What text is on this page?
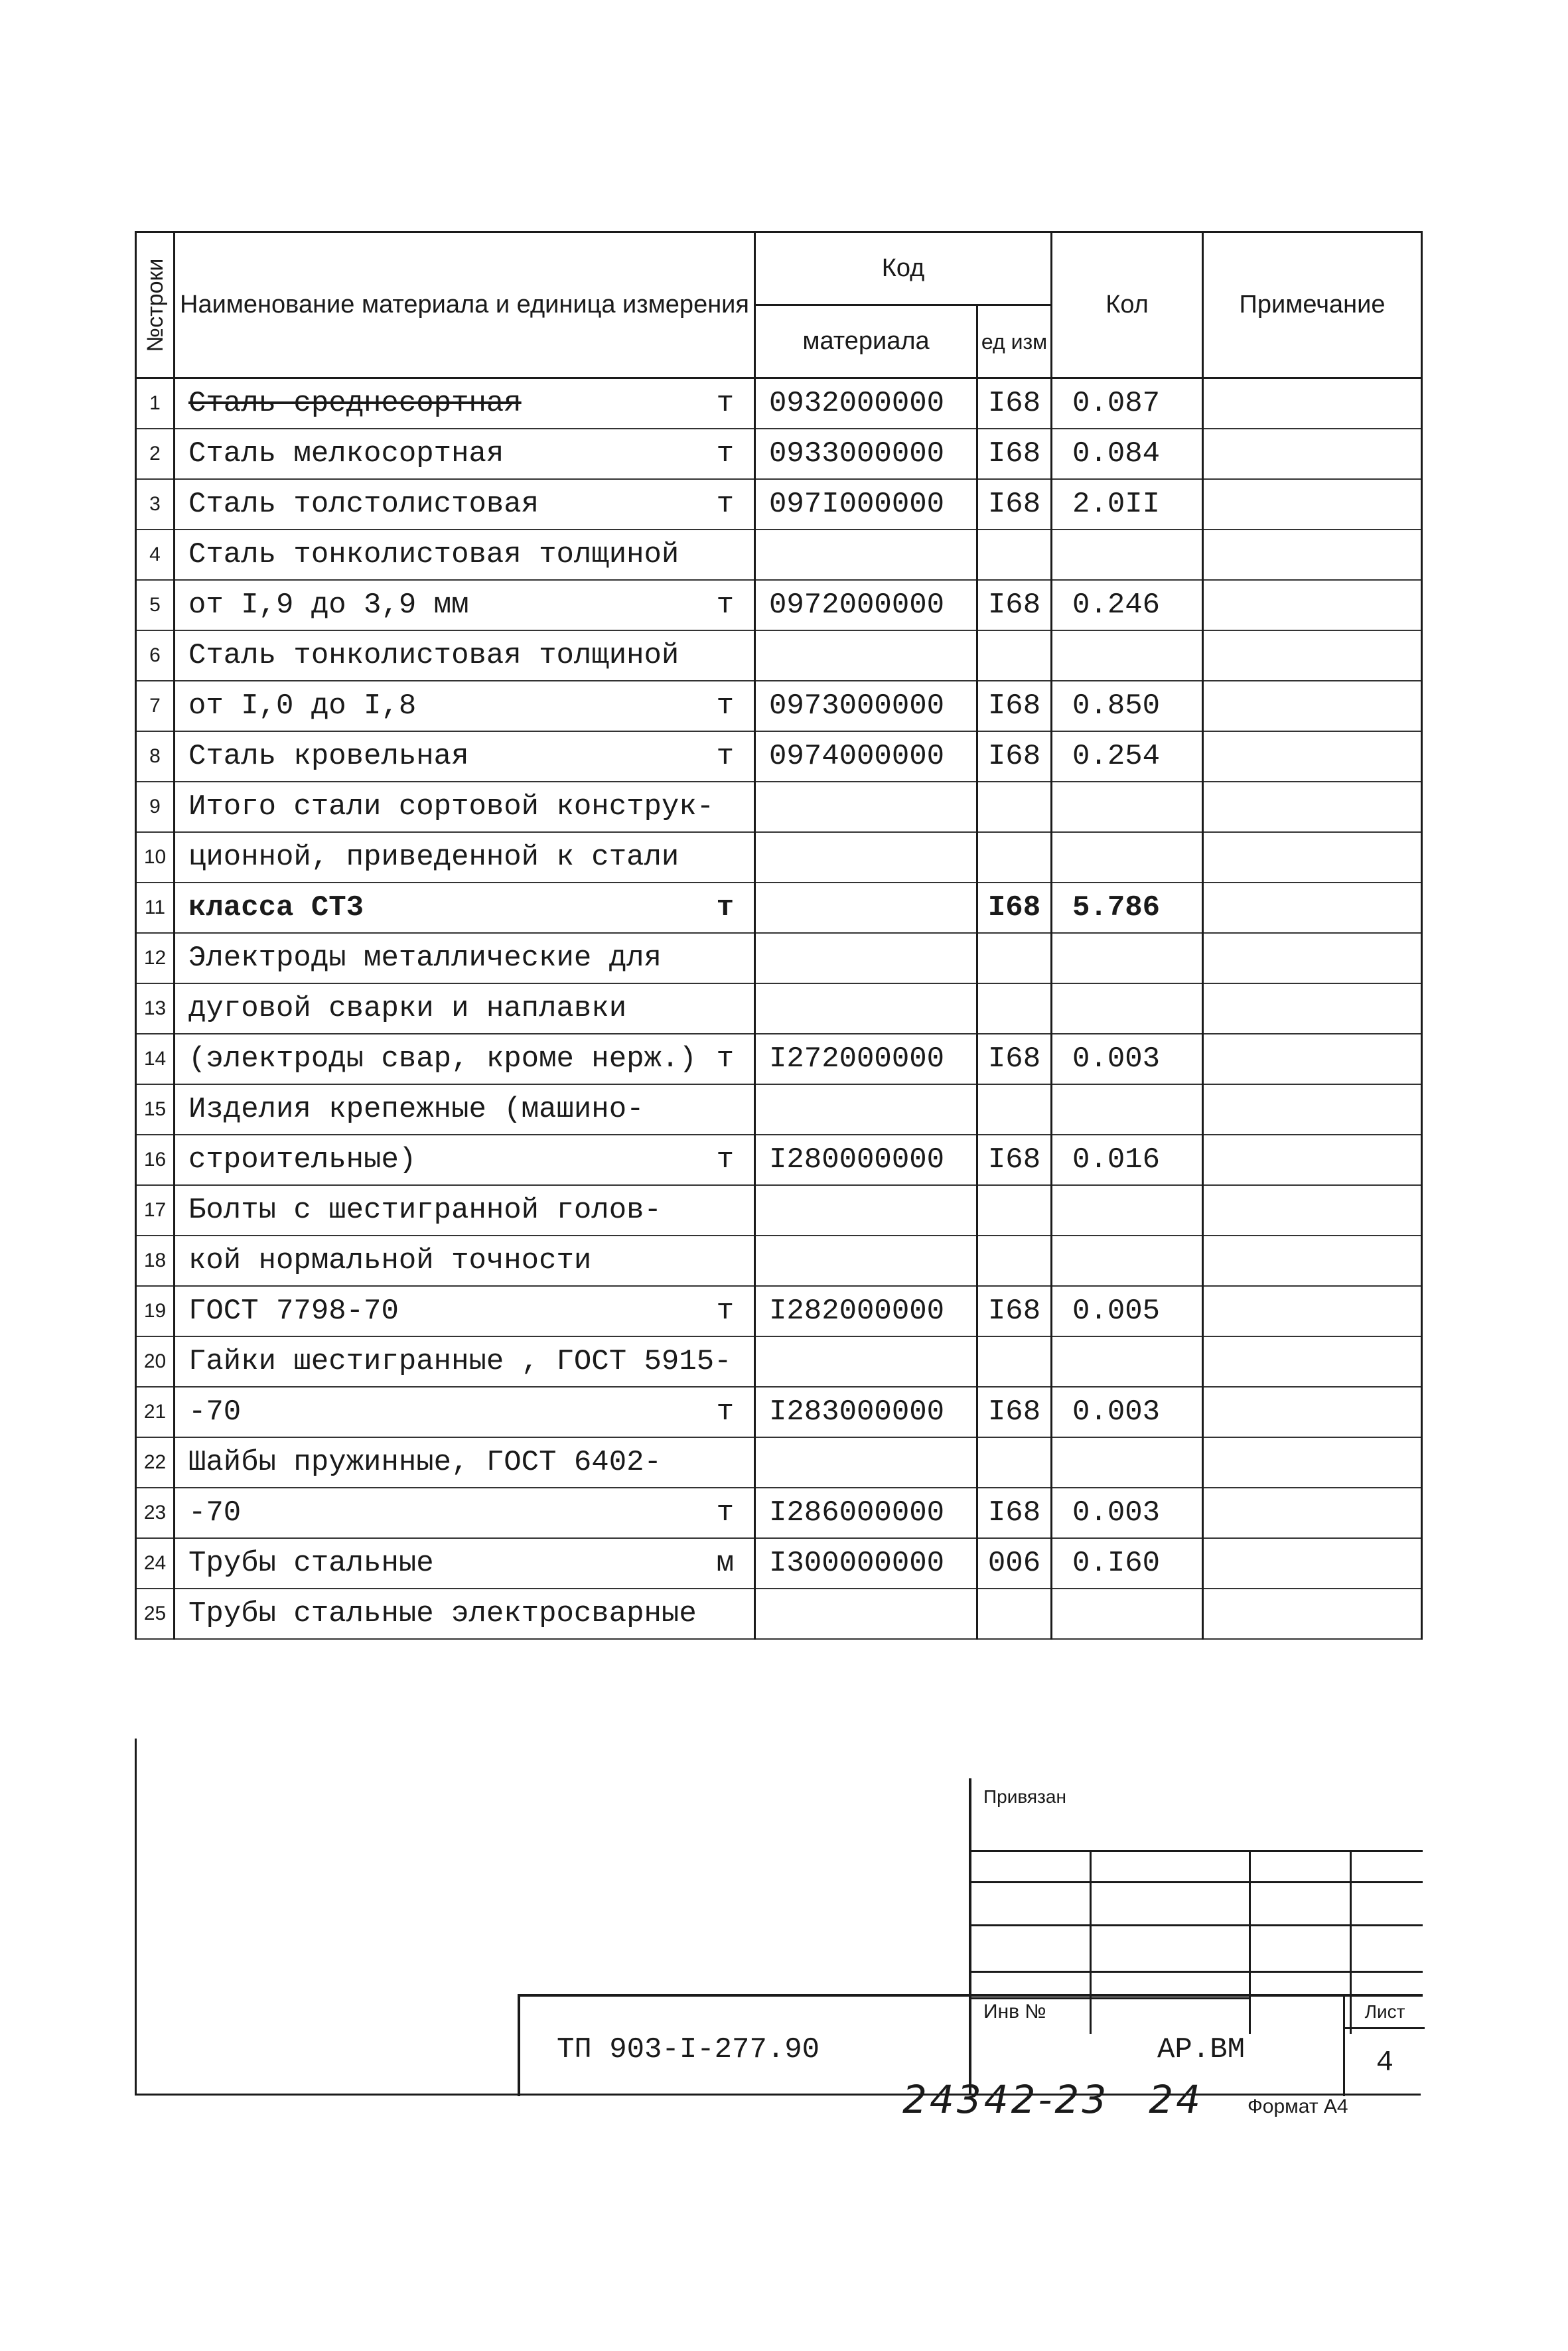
№строки	Наименование материала и единица измерения	Код		Кол	Примечание
		материала	ед изм		
1	Сталь среднесортная т	0932000000	I68	0.087	
2	Сталь мелкосортная т	0933000000	I68	0.084	
3	Сталь толстолистовая т	097I000000	I68	2.0II	
4	Сталь тонколистовая толщиной

5	от I,9 до 3,9 мм т	0972000000	I68	0.246	
6	Сталь тонколистовая толщиной

7	от I,0 до I,8 т	0973000000	I68	0.850	
8	Сталь кровельная т	0974000000	I68	0.254	
9	Итого стали сортовой конструк-

10	ционной, приведенной к стали

11	класса СТ3 т		I68	5.786	
12	Электроды металлические для

13	дуговой сварки и наплавки

14	(электроды свар, кроме нерж.) т	I272000000	I68	0.003	
15	Изделия крепежные (машино-

16	строительные) т	I280000000	I68	0.016	
17	Болты с шестигранной голов-

18	кой нормальной точности

19	ГОСТ 7798-70 т	I282000000	I68	0.005	
20	Гайки шестигранные , ГОСТ 5915-

21	-70 т	I283000000	I68	0.003	
22	Шайбы пружинные, ГОСТ 6402-

23	-70 т	I286000000	I68	0.003	
24	Трубы стальные м	I300000000	006	0.I60	
25	Трубы стальные электросварные

Привязан
Инв №
ТП 903-I-277.90	АР.ВМ
Лист
4
24342-23 24	Формат А4
